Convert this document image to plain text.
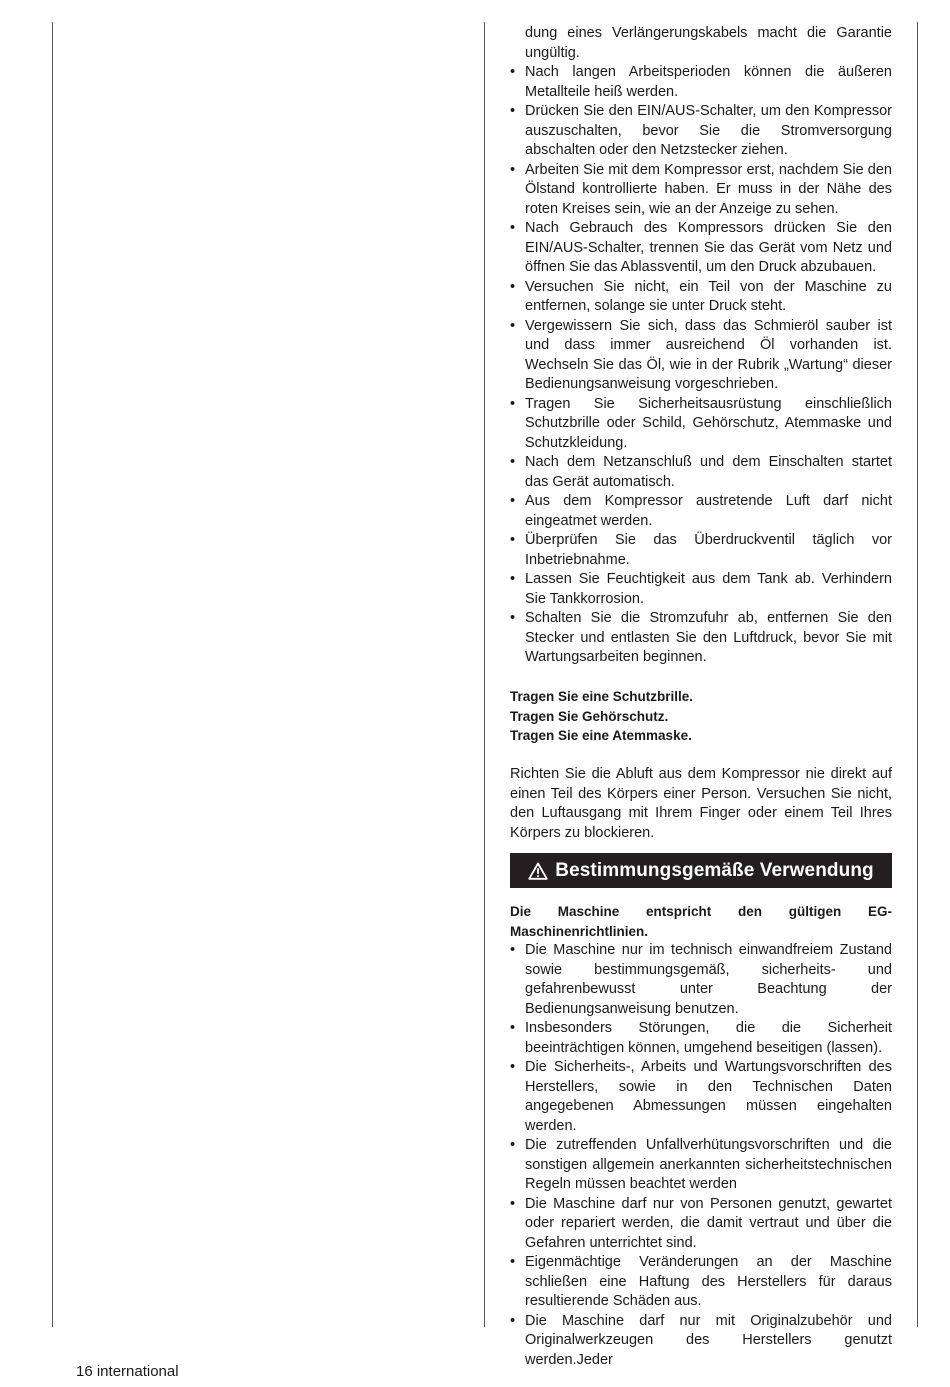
dung eines Verlängerungskabels macht die Garantie ungültig.
• Nach langen Arbeitsperioden können die äußeren Metallteile heiß werden.
• Drücken Sie den EIN/AUS-Schalter, um den Kompressor auszuschalten, bevor Sie die Stromversorgung abschalten oder den Netzstecker ziehen.
• Arbeiten Sie mit dem Kompressor erst, nachdem Sie den Ölstand kontrollierte haben. Er muss in der Nähe des roten Kreises sein, wie an der Anzeige zu sehen.
• Nach Gebrauch des Kompressors drücken Sie den EIN/AUS-Schalter, trennen Sie das Gerät vom Netz und öffnen Sie das Ablassventil, um den Druck abzubauen.
• Versuchen Sie nicht, ein Teil von der Maschine zu entfernen, solange sie unter Druck steht.
• Vergewissern Sie sich, dass das Schmieröl sauber ist und dass immer ausreichend Öl vorhanden ist. Wechseln Sie das Öl, wie in der Rubrik „Wartung“ dieser Bedienungsanweisung vorgeschrieben.
• Tragen Sie Sicherheitsausrüstung einschließlich Schutzbrille oder Schild, Gehörschutz, Atemmaske und Schutzkleidung.
• Nach dem Netzanschluß und dem Einschalten startet das Gerät automatisch.
• Aus dem Kompressor austretende Luft darf nicht eingeatmet werden.
• Überprüfen Sie das Überdruckventil täglich vor Inbetriebnahme.
• Lassen Sie Feuchtigkeit aus dem Tank ab. Verhindern Sie Tankkorrosion.
• Schalten Sie die Stromzufuhr ab, entfernen Sie den Stecker und entlasten Sie den Luftdruck, bevor Sie mit Wartungsarbeiten beginnen.
Tragen Sie eine Schutzbrille.
Tragen Sie Gehörschutz.
Tragen Sie eine Atemmaske.

Richten Sie die Abluft aus dem Kompressor nie direkt auf einen Teil des Körpers einer Person. Versuchen Sie nicht, den Luftausgang mit Ihrem Finger oder einem Teil Ihres Körpers zu blockieren.

Bestimmungsgemäße Verwendung
Die Maschine entspricht den gültigen EG-Maschinenrichtlinien.
• Die Maschine nur im technisch einwandfreiem Zustand sowie bestimmungsgemäß, sicherheits- und gefahrenbewusst unter Beachtung der Bedienungsanweisung benutzen.
• Insbesonders Störungen, die die Sicherheit beeinträchtigen können, umgehend beseitigen (lassen).
• Die Sicherheits-, Arbeits und Wartungsvorschriften des Herstellers, sowie in den Technischen Daten angegebenen Abmessungen müssen eingehalten werden.
• Die zutreffenden Unfallverhütungsvorschriften und die sonstigen allgemein anerkannten sicherheitstechnischen Regeln müssen beachtet werden
• Die Maschine darf nur von Personen genutzt, gewartet oder repariert werden, die damit vertraut und über die Gefahren unterrichtet sind.
• Eigenmächtige Veränderungen an der Maschine schließen eine Haftung des Herstellers für daraus resultierende Schäden aus.
• Die Maschine darf nur mit Originalzubehör und Originalwerkzeugen des Herstellers genutzt werden.Jeder
16 international
